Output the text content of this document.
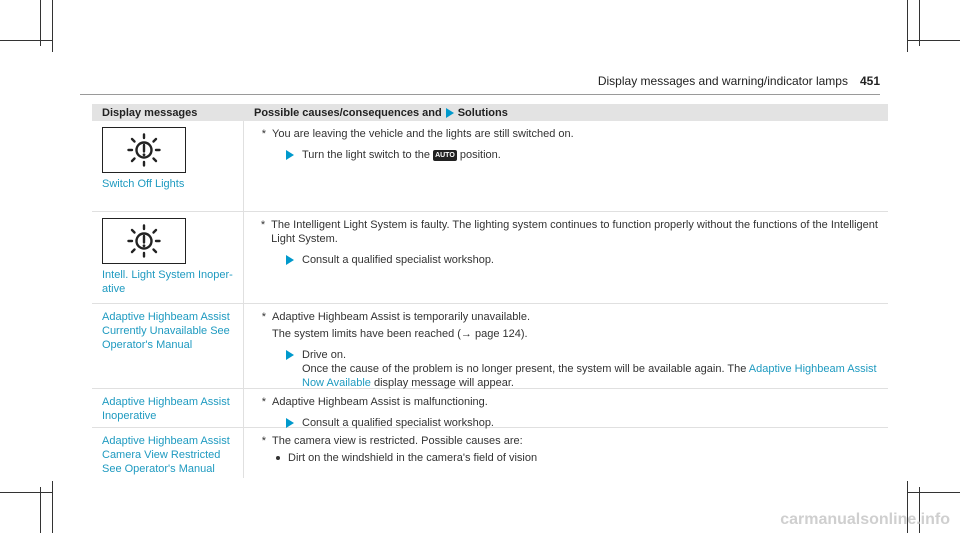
Display messages and warning/indicator lamps 451
Display messages	Possible causes/consequences and Solutions
Switch Off Lights
* You are leaving the vehicle and the lights are still switched on.
Turn the light switch to the AUTO position.
Intell. Light System Inoper-ative
* The Intelligent Light System is faulty. The lighting system continues to function properly without the functions of the Intelligent Light System.
Consult a qualified specialist workshop.
Adaptive Highbeam Assist Currently Unavailable See Operator's Manual
* Adaptive Highbeam Assist is temporarily unavailable.
The system limits have been reached (→ page 124).
Drive on.
Once the cause of the problem is no longer present, the system will be available again. The Adaptive Highbeam Assist Now Available display message will appear.
Adaptive Highbeam Assist Inoperative
* Adaptive Highbeam Assist is malfunctioning.
Consult a qualified specialist workshop.
Adaptive Highbeam Assist Camera View Restricted See Operator's Manual
* The camera view is restricted. Possible causes are:
Dirt on the windshield in the camera's field of vision
carmanualsonline.info
